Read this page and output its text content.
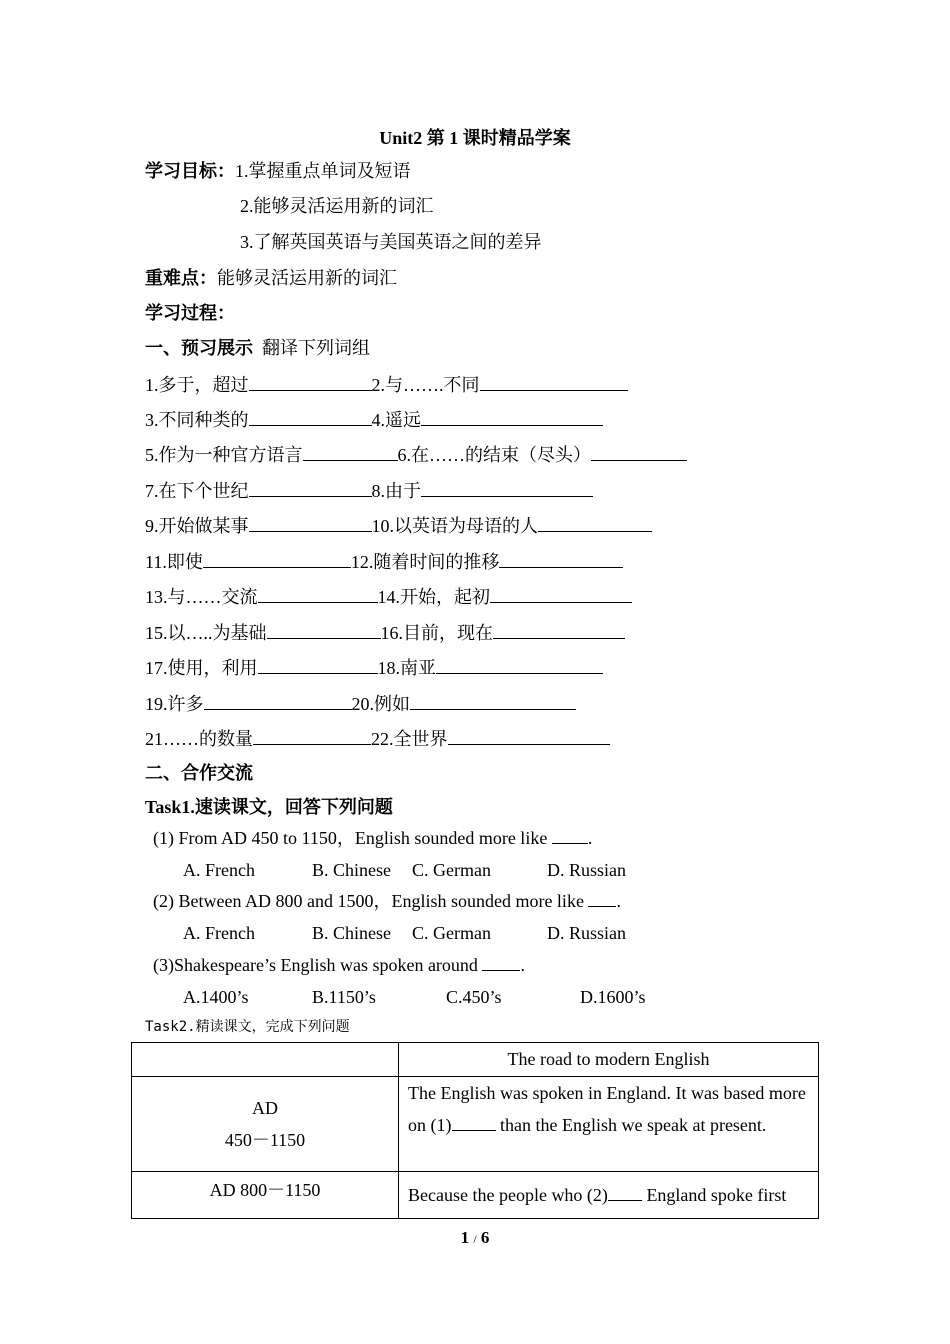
Unit2 第 1 课时精品学案
学习目标：1.掌握重点单词及短语
2.能够灵活运用新的词汇
3.了解英国英语与美国英语之间的差异
重难点：能够灵活运用新的词汇
学习过程：
一、预习展示 翻译下列词组
1.多于，超过	2.与…….不同
3.不同种类的	4.遥远
5.作为一种官方语言	6.在……的结束（尽头）
7.在下个世纪	8.由于
9.开始做某事	10.以英语为母语的人
11.即使	12.随着时间的推移
13.与……交流	14.开始，起初
15.以…..为基础	16.目前，现在
17.使用，利用	18.南亚
19.许多	20.例如
21……的数量	22.全世界
二、合作交流
Task1.速读课文，回答下列问题
(1) From AD 450 to 1150，English sounded more like .
A. French	B. Chinese C. German	D. Russian
(2) Between AD 800 and 1500，English sounded more like .
A. French	B. Chinese C. German	D. Russian
(3)Shakespeare’s English was spoken around .
A.1400’s	B.1150’s	C.450’s	D.1600’s
Task2.精读课文，完成下列问题
	The road to modern English

AD
450－1150	The English was spoken in England. It was based more on (1) than the English we speak at present.

AD 800－1150	Because the people who (2) England spoke first
1 / 6
